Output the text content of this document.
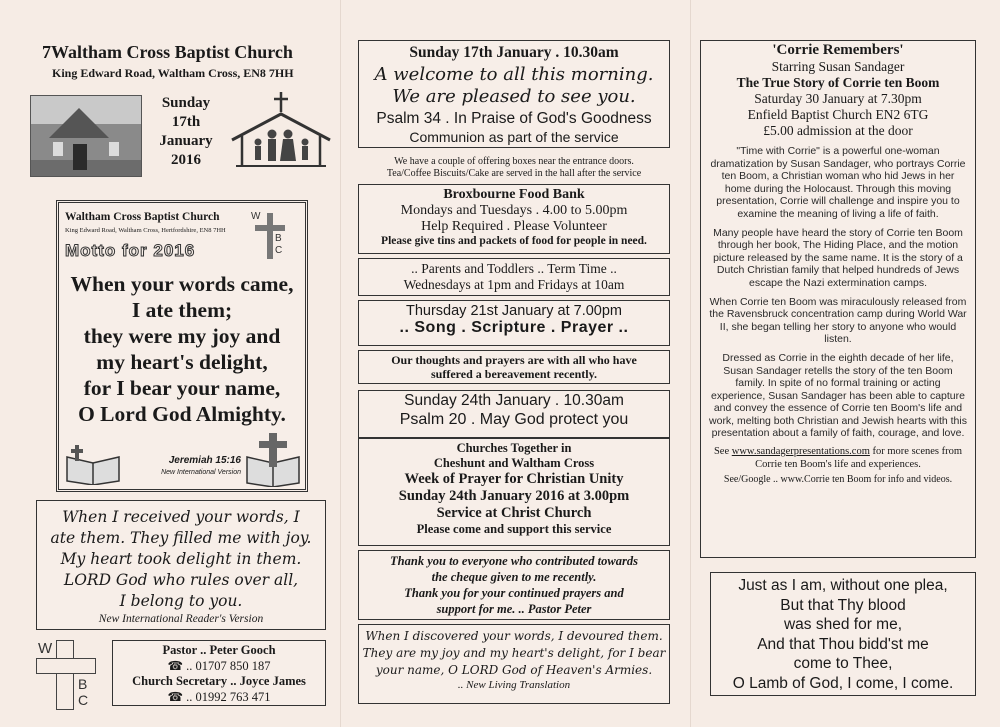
7Waltham Cross Baptist Church
King Edward Road, Waltham Cross, EN8 7HH
Sunday
17th
January
2016
Waltham Cross Baptist Church
King Edward Road, Waltham Cross, Hertfordshire, EN8 7HH
W
B
C
Motto for 2016
When your words came,
I ate them;
they were my joy and
my heart's delight,
for I bear your name,
O Lord God Almighty.
Jeremiah 15:16
New International Version
When I received your words, I
ate them. They filled me with joy.
My heart took delight in them.
LORD God who rules over all,
I belong to you.
New International Reader's Version
W
B
C
Pastor .. Peter Gooch
☎ .. 01707 850 187
Church Secretary .. Joyce James
☎ .. 01992 763 471
Sunday 17th January . 10.30am
A welcome to all this morning.
We are pleased to see you.
Psalm 34 . In Praise of God's Goodness
Communion as part of the service
We have a couple of offering boxes near the entrance doors.
Tea/Coffee Biscuits/Cake are served in the hall after the service
Broxbourne Food Bank
Mondays and Tuesdays . 4.00 to 5.00pm
Help Required . Please Volunteer
Please give tins and packets of food for people in need.
.. Parents and Toddlers .. Term Time ..
Wednesdays at 1pm and Fridays at 10am
Thursday 21st January at 7.00pm
.. Song . Scripture . Prayer ..
Our thoughts and prayers are with all who have suffered a bereavement recently.
Sunday 24th January . 10.30am
Psalm 20 . May God protect you
Churches Together in
Cheshunt and Waltham Cross
Week of Prayer for Christian Unity
Sunday 24th January 2016 at 3.00pm
Service at Christ Church
Please come and support this service
Thank you to everyone who contributed towards
the cheque given to me recently.
Thank you for your continued prayers and
support for me. .. Pastor Peter
When I discovered your words, I devoured them.
They are my joy and my heart's delight, for I bear
your name, O LORD God of Heaven's Armies.
.. New Living Translation
'Corrie Remembers'
Starring Susan Sandager
The True Story of Corrie ten Boom
Saturday 30 January at 7.30pm
Enfield Baptist Church EN2 6TG
£5.00 admission at the door

"Time with Corrie" is a powerful one-woman dramatization by Susan Sandager, who portrays Corrie ten Boom, a Christian woman who hid Jews in her home during the Holocaust. Through this moving presentation, Corrie will challenge and inspire you to examine the meaning of living a life of faith.

Many people have heard the story of Corrie ten Boom through her book, The Hiding Place, and the motion picture released by the same name. It is the story of a Dutch Christian family that helped hundreds of Jews escape the Nazi extermination camps.

When Corrie ten Boom was miraculously released from the Ravensbruck concentration camp during World War II, she began telling her story to anyone who would listen.

Dressed as Corrie in the eighth decade of her life, Susan Sandager retells the story of the ten Boom family. In spite of no formal training or acting experience, Susan Sandager has been able to capture and convey the essence of Corrie ten Boom's life and work, melting both Christian and Jewish hearts with this presentation about a family of faith, courage, and love.

See www.sandagerpresentations.com for more scenes from Corrie ten Boom's life and experiences.
See/Google .. www.Corrie ten Boom for info and videos.
Just as I am, without one plea,
But that Thy blood
was shed for me,
And that Thou bidd'st me
come to Thee,
O Lamb of God, I come, I come.
